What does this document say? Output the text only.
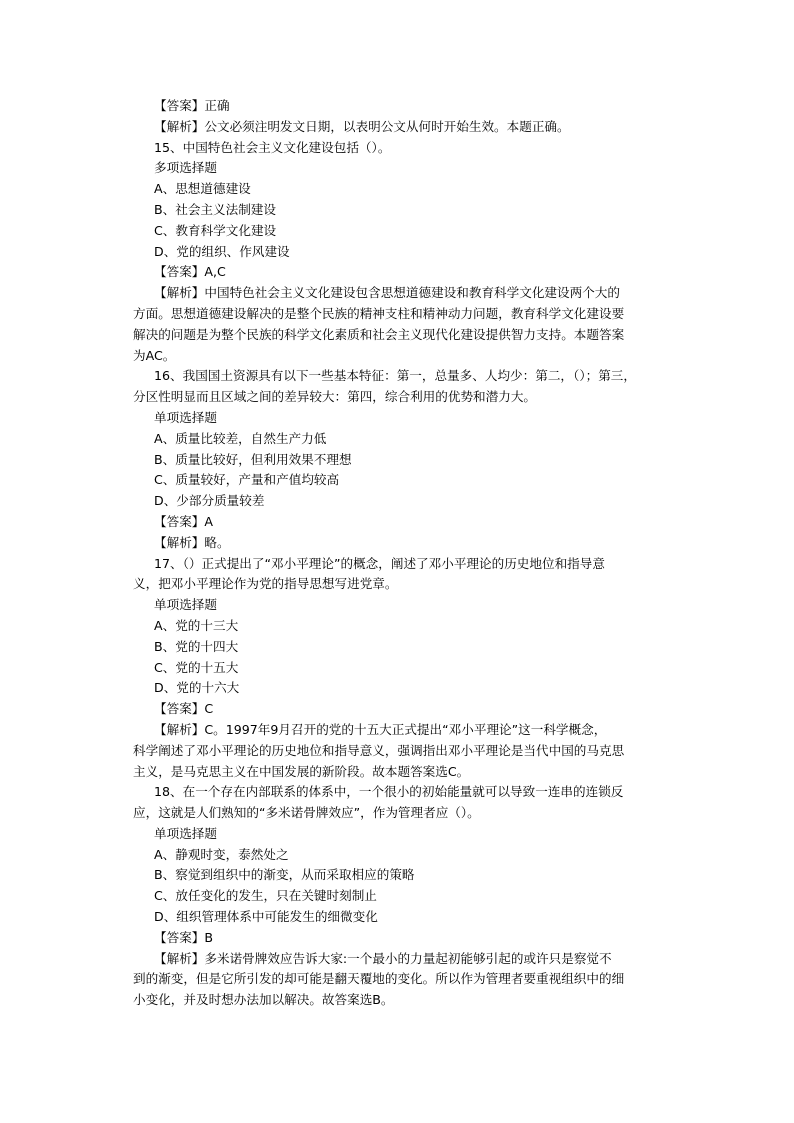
【答案】正确
【解析】公文必须注明发文日期，以表明公文从何时开始生效。本题正确。
15、中国特色社会主义文化建设包括（）。
多项选择题
A、思想道德建设
B、社会主义法制建设
C、教育科学文化建设
D、党的组织、作风建设
【答案】A,C
【解析】中国特色社会主义文化建设包含思想道德建设和教育科学文化建设两个大的
方面。思想道德建设解决的是整个民族的精神支柱和精神动力问题，教育科学文化建设要
解决的问题是为整个民族的科学文化素质和社会主义现代化建设提供智力支持。本题答案
为AC。
16、我国国土资源具有以下一些基本特征：第一，总量多、人均少：第二，（）；第三，
分区性明显而且区域之间的差异较大：第四，综合利用的优势和潜力大。
单项选择题
A、质量比较差，自然生产力低
B、质量比较好，但利用效果不理想
C、质量较好，产量和产值均较高
D、少部分质量较差
【答案】A
【解析】略。
17、（）正式提出了“邓小平理论”的概念，阐述了邓小平理论的历史地位和指导意
义，把邓小平理论作为党的指导思想写进党章。
单项选择题
A、党的十三大
B、党的十四大
C、党的十五大
D、党的十六大
【答案】C
【解析】C。1997年9月召开的党的十五大正式提出“邓小平理论”这一科学概念，
科学阐述了邓小平理论的历史地位和指导意义，强调指出邓小平理论是当代中国的马克思
主义，是马克思主义在中国发展的新阶段。故本题答案选C。
18、在一个存在内部联系的体系中，一个很小的初始能量就可以导致一连串的连锁反
应，这就是人们熟知的“多米诺骨牌效应”，作为管理者应（）。
单项选择题
A、静观时变，泰然处之
B、察觉到组织中的渐变，从而采取相应的策略
C、放任变化的发生，只在关键时刻制止
D、组织管理体系中可能发生的细微变化
【答案】B
【解析】多米诺骨牌效应告诉大家:一个最小的力量起初能够引起的或许只是察觉不
到的渐变，但是它所引发的却可能是翻天覆地的变化。所以作为管理者要重视组织中的细
小变化，并及时想办法加以解决。故答案选B。
